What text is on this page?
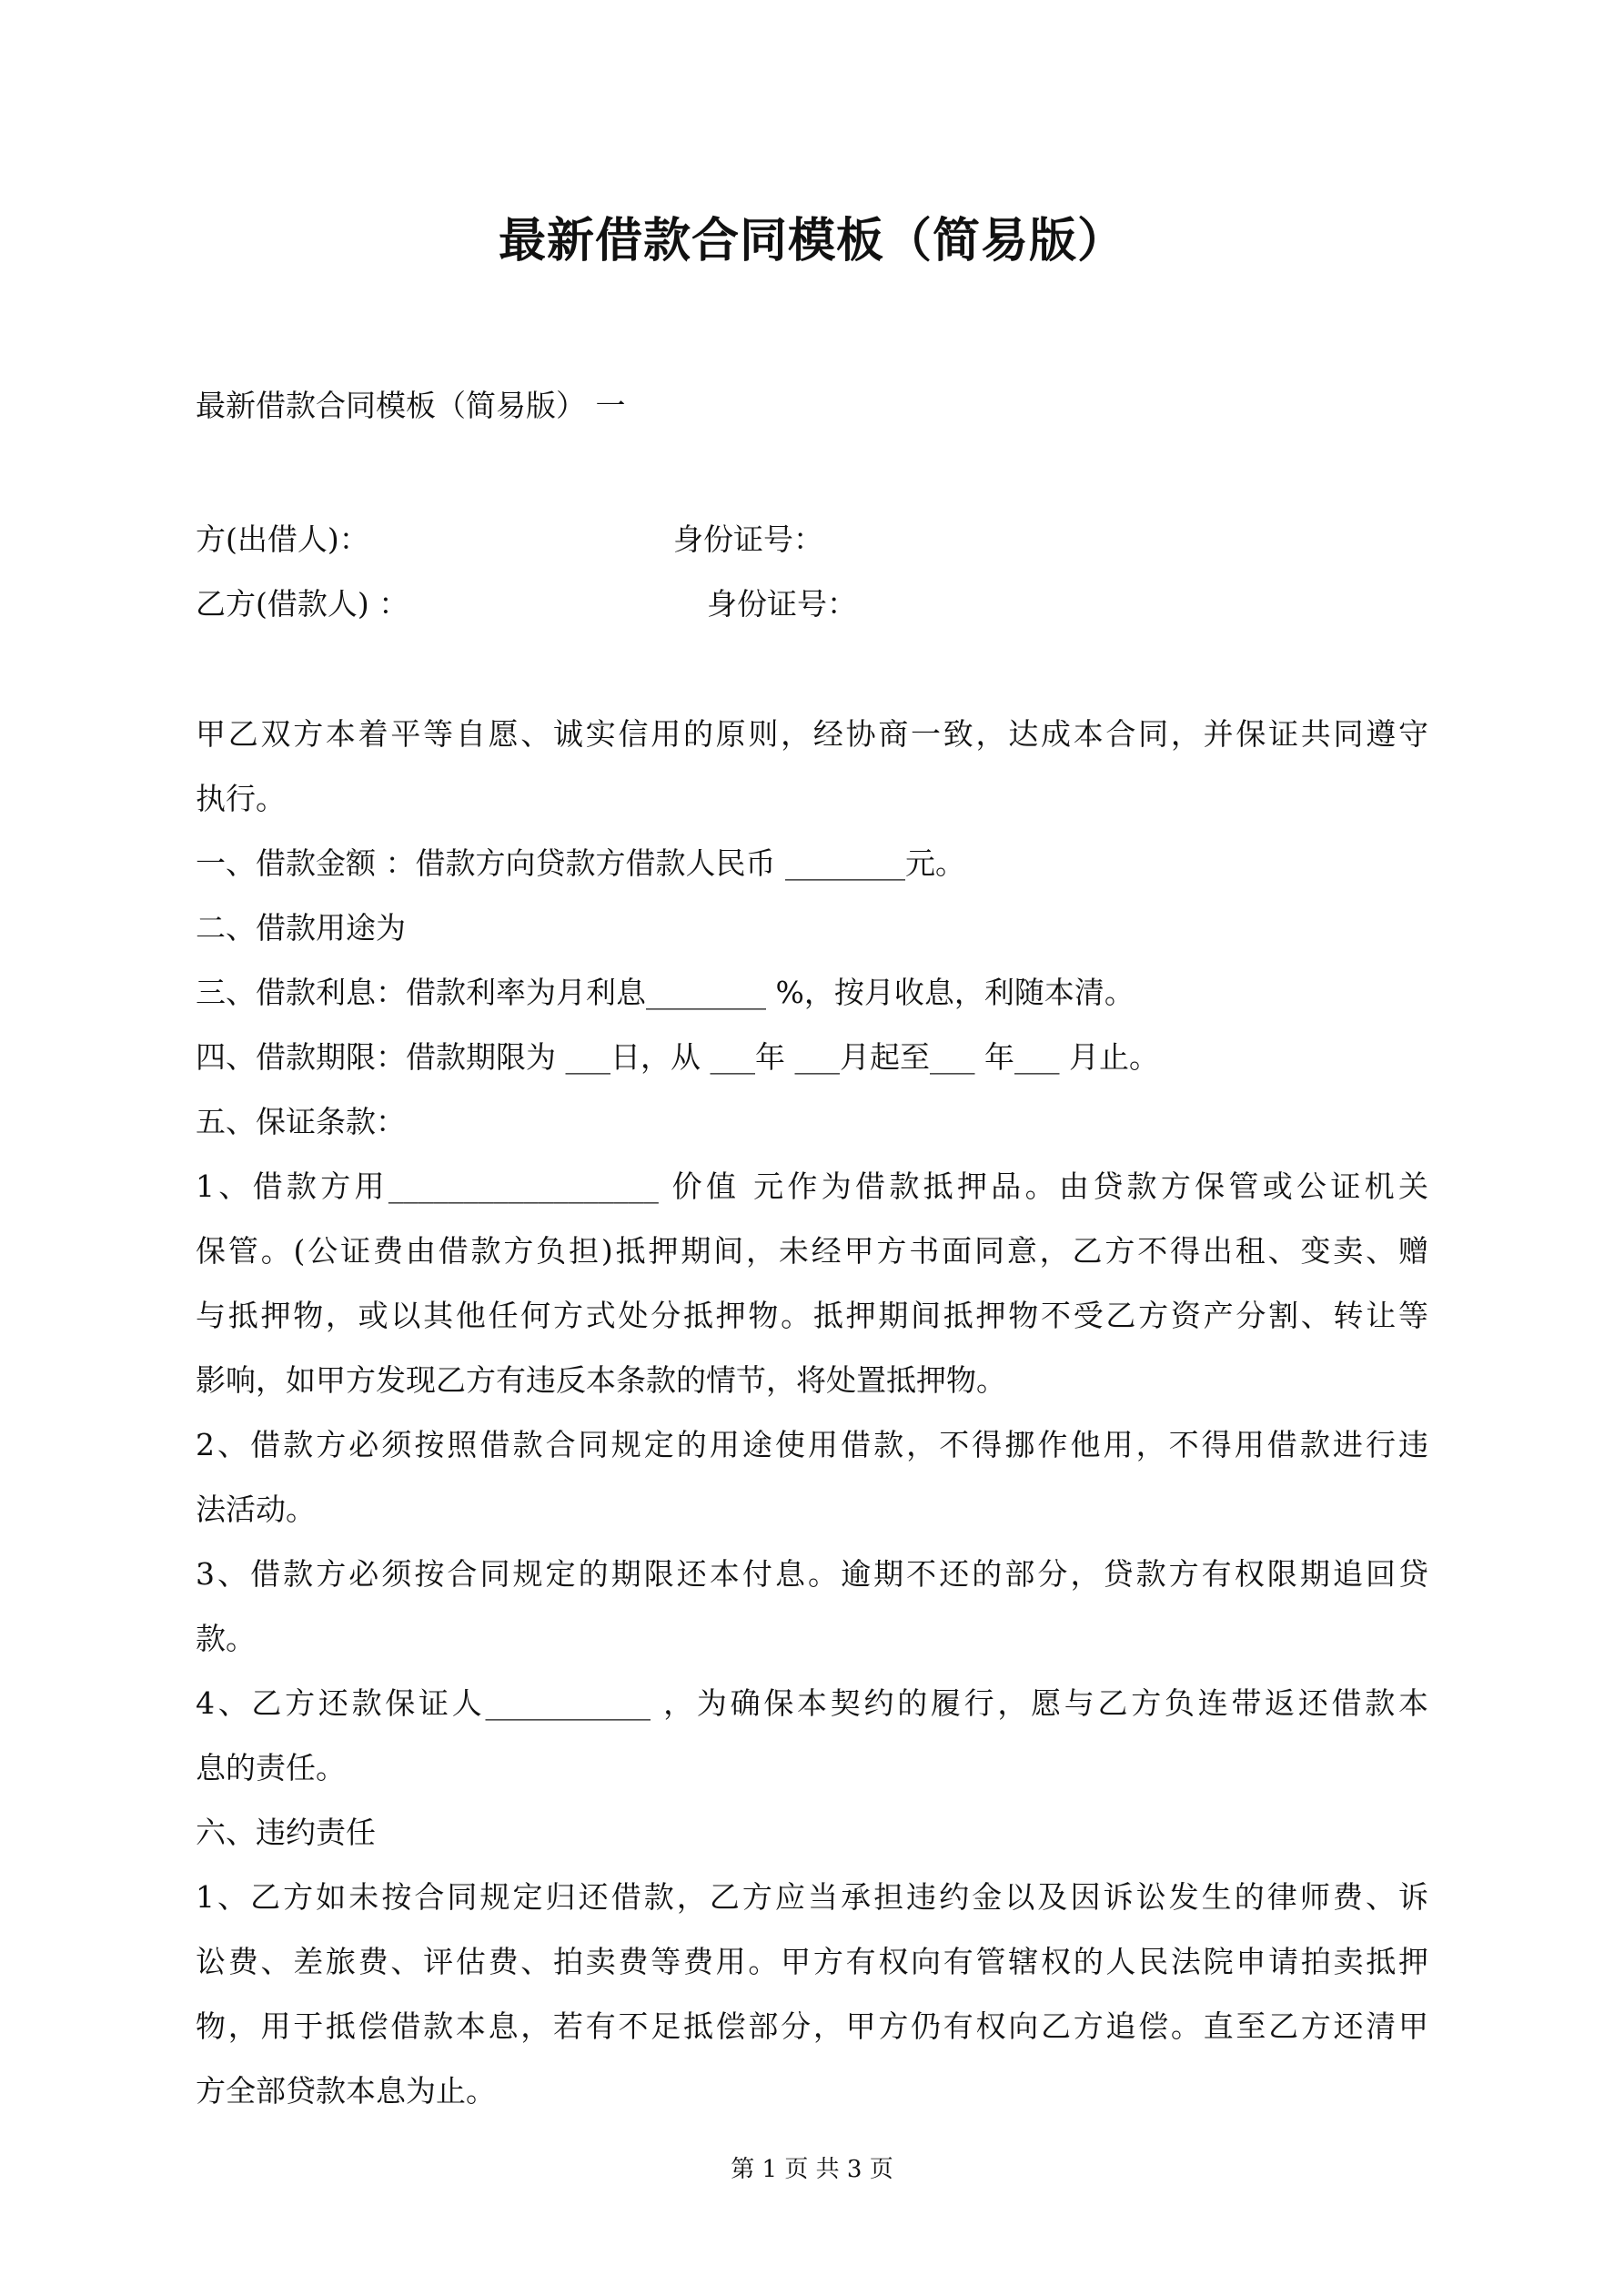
最新借款合同模板（简易版）
最新借款合同模板（简易版） 一
方(出借人)：	身份证号：
乙方(借款人) ：	身份证号：
甲乙双方本着平等自愿、诚实信用的原则，经协商一致，达成本合同，并保证共同遵守
执行。
一、借款金额 ：借款方向贷款方借款人民币 ________元。
二、借款用途为
三、借款利息：借款利率为月利息________ %，按月收息，利随本清。
四、借款期限：借款期限为 ___日，从 ___年 ___月起至___ 年___ 月止。
五、保证条款：
1、借款方用__________________ 价值 元作为借款抵押品。由贷款方保管或公证机关
保管。(公证费由借款方负担)抵押期间，未经甲方书面同意，乙方不得出租、变卖、赠
与抵押物，或以其他任何方式处分抵押物。抵押期间抵押物不受乙方资产分割、转让等
影响，如甲方发现乙方有违反本条款的情节，将处置抵押物。
2、借款方必须按照借款合同规定的用途使用借款，不得挪作他用，不得用借款进行违
法活动。
3、借款方必须按合同规定的期限还本付息。逾期不还的部分，贷款方有权限期追回贷
款。
4、乙方还款保证人___________ ，为确保本契约的履行，愿与乙方负连带返还借款本
息的责任。
六、违约责任
1、乙方如未按合同规定归还借款，乙方应当承担违约金以及因诉讼发生的律师费、诉
讼费、差旅费、评估费、拍卖费等费用。甲方有权向有管辖权的人民法院申请拍卖抵押
物，用于抵偿借款本息，若有不足抵偿部分，甲方仍有权向乙方追偿。直至乙方还清甲
方全部贷款本息为止。
第 1 页 共 3 页
